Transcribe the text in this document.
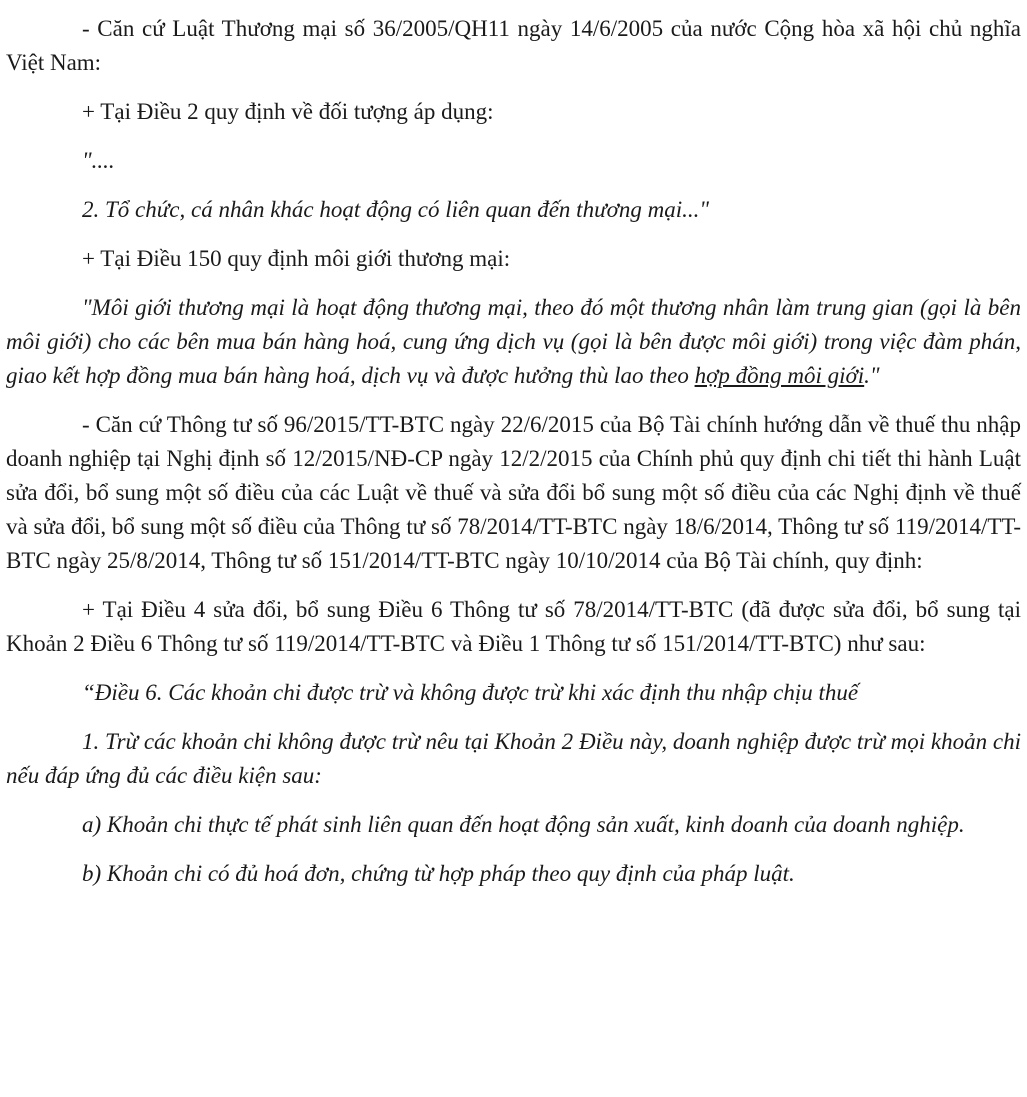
- Căn cứ Luật Thương mại số 36/2005/QH11 ngày 14/6/2005 của nước Cộng hòa xã hội chủ nghĩa Việt Nam:

+ Tại Điều 2 quy định về đối tượng áp dụng:

"....

2. Tổ chức, cá nhân khác hoạt động có liên quan đến thương mại..."

+ Tại Điều 150 quy định môi giới thương mại:

"Môi giới thương mại là hoạt động thương mại, theo đó một thương nhân làm trung gian (gọi là bên môi giới) cho các bên mua bán hàng hoá, cung ứng dịch vụ (gọi là bên được môi giới) trong việc đàm phán, giao kết hợp đồng mua bán hàng hoá, dịch vụ và được hưởng thù lao theo hợp đồng môi giới."

- Căn cứ Thông tư số 96/2015/TT-BTC ngày 22/6/2015 của Bộ Tài chính hướng dẫn về thuế thu nhập doanh nghiệp tại Nghị định số 12/2015/NĐ-CP ngày 12/2/2015 của Chính phủ quy định chi tiết thi hành Luật sửa đổi, bổ sung một số điều của các Luật về thuế và sửa đổi bổ sung một số điều của các Nghị định về thuế và sửa đổi, bổ sung một số điều của Thông tư số 78/2014/TT-BTC ngày 18/6/2014, Thông tư số 119/2014/TT-BTC ngày 25/8/2014, Thông tư số 151/2014/TT-BTC ngày 10/10/2014 của Bộ Tài chính, quy định:

+ Tại Điều 4 sửa đổi, bổ sung Điều 6 Thông tư số 78/2014/TT-BTC (đã được sửa đổi, bổ sung tại Khoản 2 Điều 6 Thông tư số 119/2014/TT-BTC và Điều 1 Thông tư số 151/2014/TT-BTC) như sau:

“Điều 6. Các khoản chi được trừ và không được trừ khi xác định thu nhập chịu thuế

1. Trừ các khoản chi không được trừ nêu tại Khoản 2 Điều này, doanh nghiệp được trừ mọi khoản chi nếu đáp ứng đủ các điều kiện sau:

a) Khoản chi thực tế phát sinh liên quan đến hoạt động sản xuất, kinh doanh của doanh nghiệp.

b) Khoản chi có đủ hoá đơn, chứng từ hợp pháp theo quy định của pháp luật.
